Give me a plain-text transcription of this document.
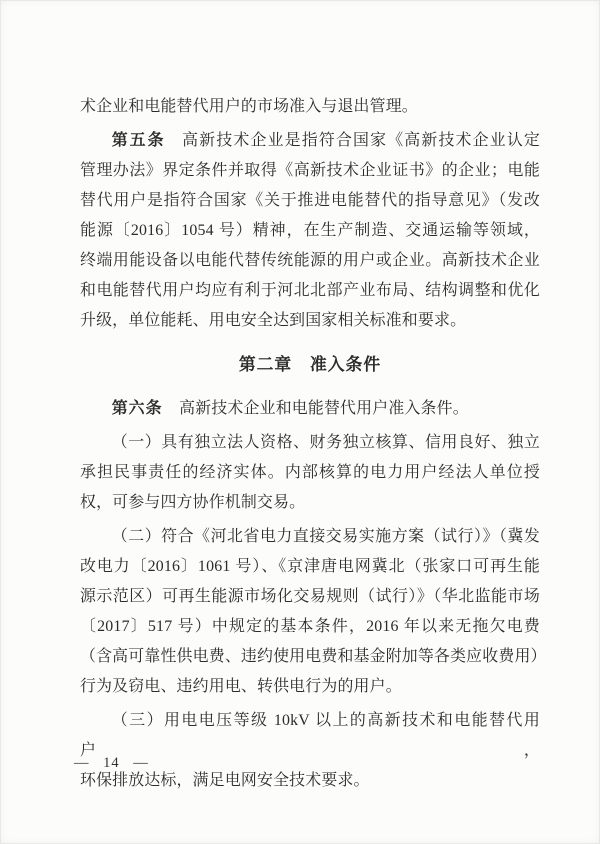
术企业和电能替代用户的市场准入与退出管理。
第五条 高新技术企业是指符合国家《高新技术企业认定
管理办法》界定条件并取得《高新技术企业证书》的企业；电能
替代用户是指符合国家《关于推进电能替代的指导意见》（发改
能源〔2016〕1054 号）精神，在生产制造、交通运输等领域，
终端用能设备以电能代替传统能源的用户或企业。高新技术企业
和电能替代用户均应有利于河北北部产业布局、结构调整和优化
升级，单位能耗、用电安全达到国家相关标准和要求。
第二章　准入条件
第六条 高新技术企业和电能替代用户准入条件。
（一）具有独立法人资格、财务独立核算、信用良好、独立
承担民事责任的经济实体。内部核算的电力用户经法人单位授
权，可参与四方协作机制交易。
（二）符合《河北省电力直接交易实施方案（试行）》（冀发
改电力〔2016〕1061 号）、《京津唐电网冀北（张家口可再生能
源示范区）可再生能源市场化交易规则（试行）》（华北监能市场
〔2017〕517 号）中规定的基本条件，2016 年以来无拖欠电费
（含高可靠性供电费、违约使用电费和基金附加等各类应收费用）
行为及窃电、违约用电、转供电行为的用户。
（三）用电电压等级 10kV 以上的高新技术和电能替代用户，
环保排放达标，满足电网安全技术要求。
— 14 —
